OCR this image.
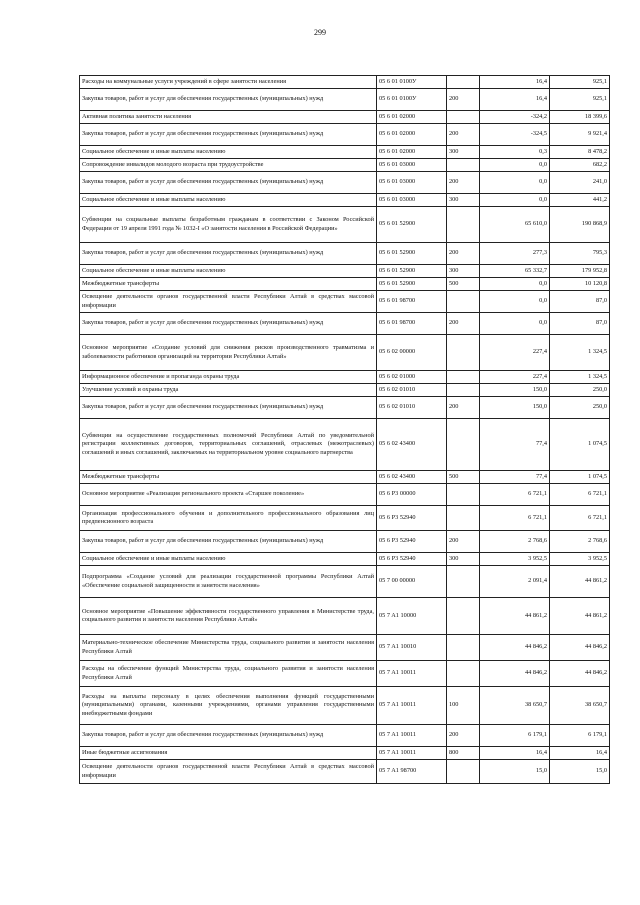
299
Расходы на коммунальные услуги учреждений в сфере занятости населения	05 6 01 0100У		16,4	925,1
Закупка товаров, работ и услуг для обеспечения государственных (муниципальных) нужд	05 6 01 0100У	200	16,4	925,1
Активная политика занятости населения	05 6 01 02000		-324,2	18 399,6
Закупка товаров, работ и услуг для обеспечения государственных (муниципальных) нужд	05 6 01 02000	200	-324,5	9 921,4
Социальное обеспечение и иные выплаты населению	05 6 01 02000	300	0,3	8 478,2
Сопровождение инвалидов молодого возраста при трудоустройстве	05 6 01 03000		0,0	682,2
Закупка товаров, работ и услуг для обеспечения государственных (муниципальных) нужд	05 6 01 03000	200	0,0	241,0
Социальное обеспечение и иные выплаты населению	05 6 01 03000	300	0,0	441,2
Субвенции на социальные выплаты безработным гражданам в соответствии с Законом Российской Федерации от 19 апреля 1991 года № 1032-I «О занятости населения в Российской Федерации»	05 6 01 52900		65 610,0	190 868,9
Закупка товаров, работ и услуг для обеспечения государственных (муниципальных) нужд	05 6 01 52900	200	277,3	795,3
Социальное обеспечение и иные выплаты населению	05 6 01 52900	300	65 332,7	179 952,8
Межбюджетные трансферты	05 6 01 52900	500	0,0	10 120,8
Освещение деятельности органов государственной власти Республики Алтай в средствах массовой информации	05 6 01 98700		0,0	87,0
Закупка товаров, работ и услуг для обеспечения государственных (муниципальных) нужд	05 6 01 98700	200	0,0	87,0
Основное мероприятие «Создание условий для снижения рисков производственного травматизма и заболеваемости работников организаций на территории Республики Алтай»	05 6 02 00000		227,4	1 324,5
Информационное обеспечение и пропаганда охраны труда	05 6 02 01000		227,4	1 324,5
Улучшение условий и охраны труда	05 6 02 01010		150,0	250,0
Закупка товаров, работ и услуг для обеспечения государственных (муниципальных) нужд	05 6 02 01010	200	150,0	250,0
Субвенции на осуществление государственных полномочий Республики Алтай по уведомительной регистрации коллективных договоров, территориальных соглашений, отраслевых (межотраслевых) соглашений и иных соглашений, заключаемых на территориальном уровне социального партнерства	05 6 02 43400		77,4	1 074,5
Межбюджетные трансферты	05 6 02 43400	500	77,4	1 074,5
Основное мероприятие «Реализация регионального проекта «Старшее поколение»	05 6 P3 00000		6 721,1	6 721,1
Организация профессионального обучения и дополнительного профессионального образования лиц предпенсионного возраста	05 6 P3 52940		6 721,1	6 721,1
Закупка товаров, работ и услуг для обеспечения государственных (муниципальных) нужд	05 6 P3 52940	200	2 768,6	2 768,6
Социальное обеспечение и иные выплаты населению	05 6 P3 52940	300	3 952,5	3 952,5
Подпрограмма «Создание условий для реализации государственной программы Республики Алтай «Обеспечение социальной защищенности и занятости населения»	05 7 00 00000		2 091,4	44 861,2
Основное мероприятие «Повышение эффективности государственного управления в Министерстве труда, социального развития и занятости населения Республики Алтай»	05 7 A1 10000		44 861,2	44 861,2
Материально-техническое обеспечение Министерства труда, социального развития и занятости населения Республики Алтай	05 7 A1 10010		44 846,2	44 846,2
Расходы на обеспечение функций Министерства труда, социального развития и занятости населения Республики Алтай	05 7 A1 10011		44 846,2	44 846,2
Расходы на выплаты персоналу в целях обеспечения выполнения функций государственными (муниципальными) органами, казенными учреждениями, органами управления государственными внебюджетными фондами	05 7 A1 10011	100	38 650,7	38 650,7
Закупка товаров, работ и услуг для обеспечения государственных (муниципальных) нужд	05 7 A1 10011	200	6 179,1	6 179,1
Иные бюджетные ассигнования	05 7 A1 10011	800	16,4	16,4
Освещение деятельности органов государственной власти Республики Алтай в средствах массовой информации	05 7 A1 98700		15,0	15,0
